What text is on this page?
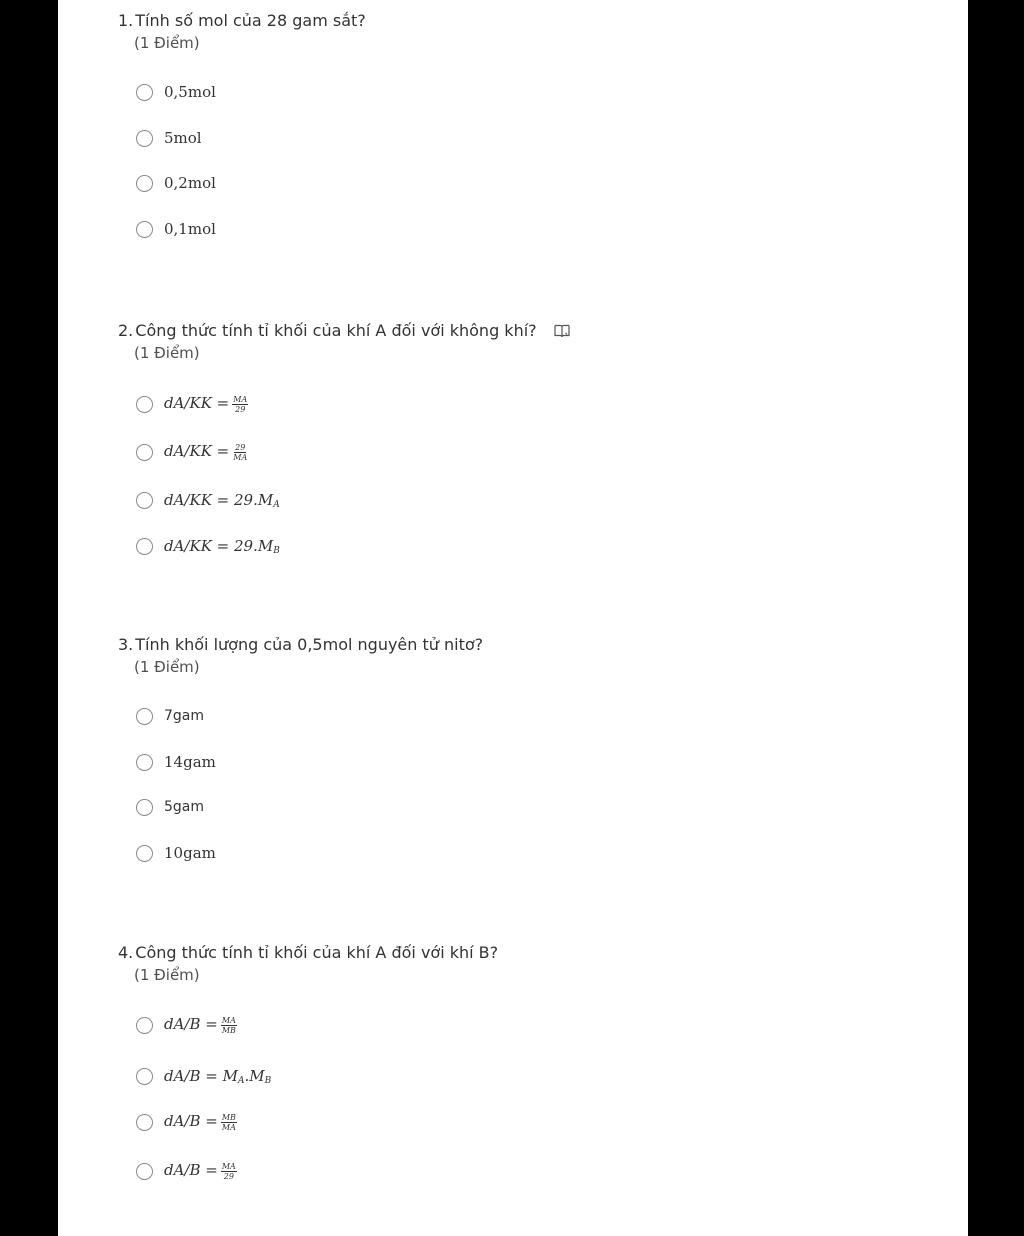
1. Tính số mol của 28 gam sắt?
(1 Điểm)
0,5mol
5mol
0,2mol
0,1mol
2. Công thức tính tỉ khối của khí A đối với không khí?
(1 Điểm)
$dA/KK = \frac{MA}{29}$
$dA/KK = \frac{29}{MA}$
$dA/KK = 29.M_A$
$dA/KK = 29.M_B$
3. Tính khối lượng của 0,5mol nguyên tử nitơ?
(1 Điểm)
7gam
14gam
5gam
10gam
4. Công thức tính tỉ khối của khí A đối với khí B?
(1 Điểm)
$dA/B = \frac{MA}{MB}$
$dA/B = M_A.M_B$
$dA/B = \frac{MB}{MA}$
$dA/B = \frac{MA}{29}$
